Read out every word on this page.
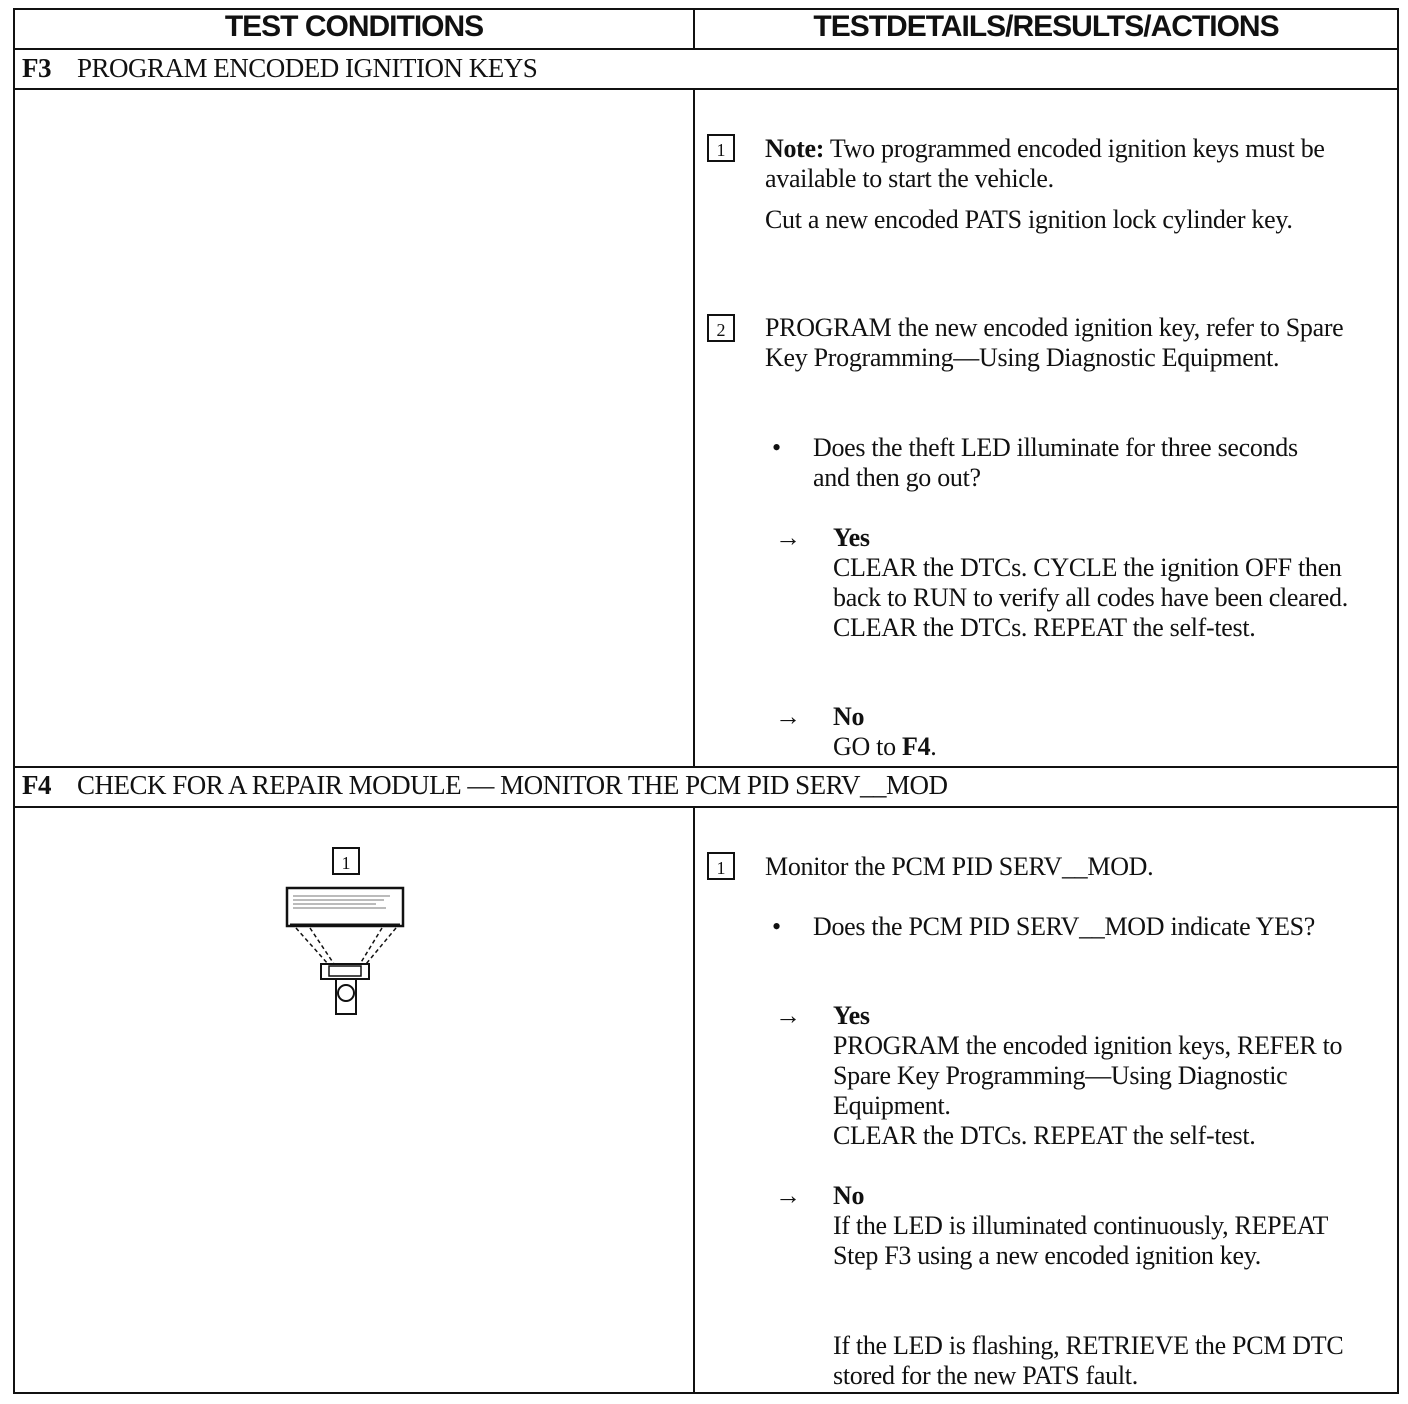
TEST CONDITIONS	TESTDETAILS/RESULTS/ACTIONS
F3 PROGRAM ENCODED IGNITION KEYS
1	Note: Two programmed encoded ignition keys must be available to start the vehicle.
Cut a new encoded PATS ignition lock cylinder key.
2	PROGRAM the new encoded ignition key, refer to Spare Key Programming—Using Diagnostic Equipment.
• Does the theft LED illuminate for three seconds and then go out?
→ Yes
CLEAR the DTCs. CYCLE the ignition OFF then back to RUN to verify all codes have been cleared. CLEAR the DTCs. REPEAT the self-test.
→ No
GO to F4.
F4 CHECK FOR A REPAIR MODULE — MONITOR THE PCM PID SERV__MOD
1	1	Monitor the PCM PID SERV__MOD.
• Does the PCM PID SERV__MOD indicate YES?
→ Yes
PROGRAM the encoded ignition keys, REFER to Spare Key Programming—Using Diagnostic Equipment.
CLEAR the DTCs. REPEAT the self-test.
→ No
If the LED is illuminated continuously, REPEAT Step F3 using a new encoded ignition key.
If the LED is flashing, RETRIEVE the PCM DTC stored for the new PATS fault.
